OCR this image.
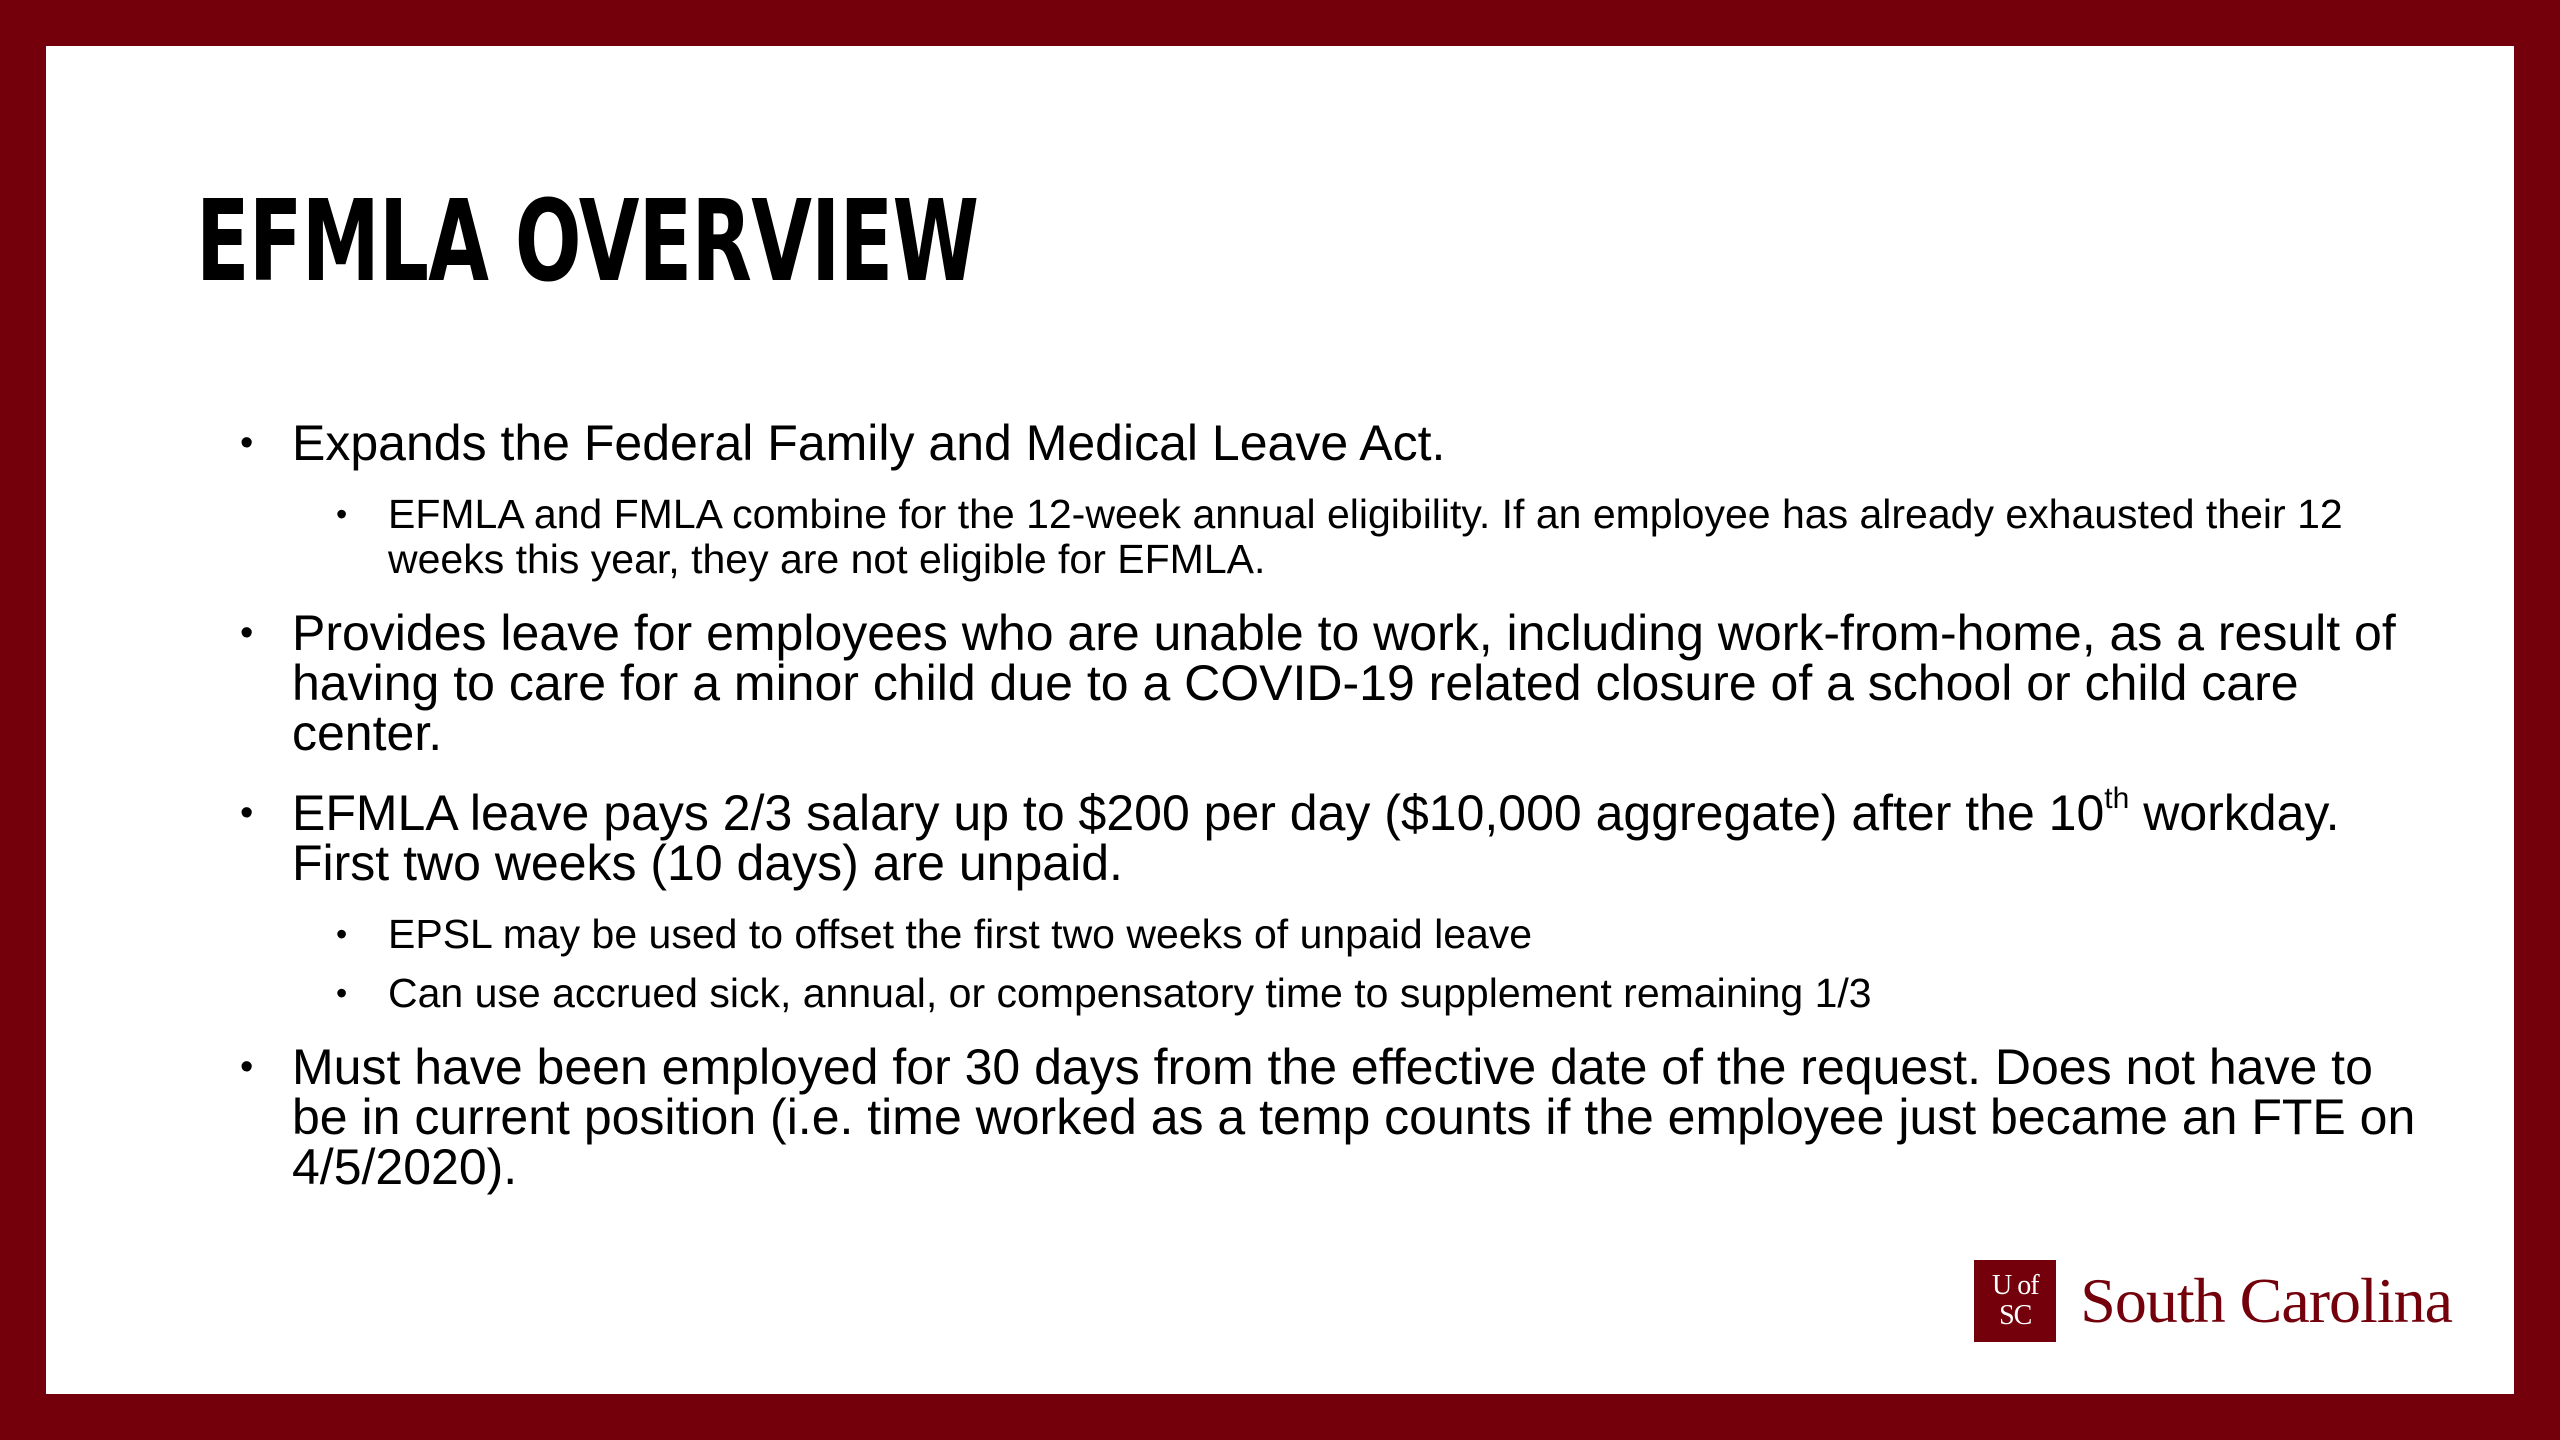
EFMLA OVERVIEW
• Expands the Federal Family and Medical Leave Act.
• EFMLA and FMLA combine for the 12-week annual eligibility. If an employee has already exhausted their 12 weeks this year, they are not eligible for EFMLA.
• Provides leave for employees who are unable to work, including work-from-home, as a result of having to care for a minor child due to a COVID-19 related closure of a school or child care center.
• EFMLA leave pays 2/3 salary up to $200 per day ($10,000 aggregate) after the 10th workday. First two weeks (10 days) are unpaid.
• EPSL may be used to offset the first two weeks of unpaid leave
• Can use accrued sick, annual, or compensatory time to supplement remaining 1/3
• Must have been employed for 30 days from the effective date of the request. Does not have to be in current position (i.e. time worked as a temp counts if the employee just became an FTE on 4/5/2020).
U of
SC South Carolina
